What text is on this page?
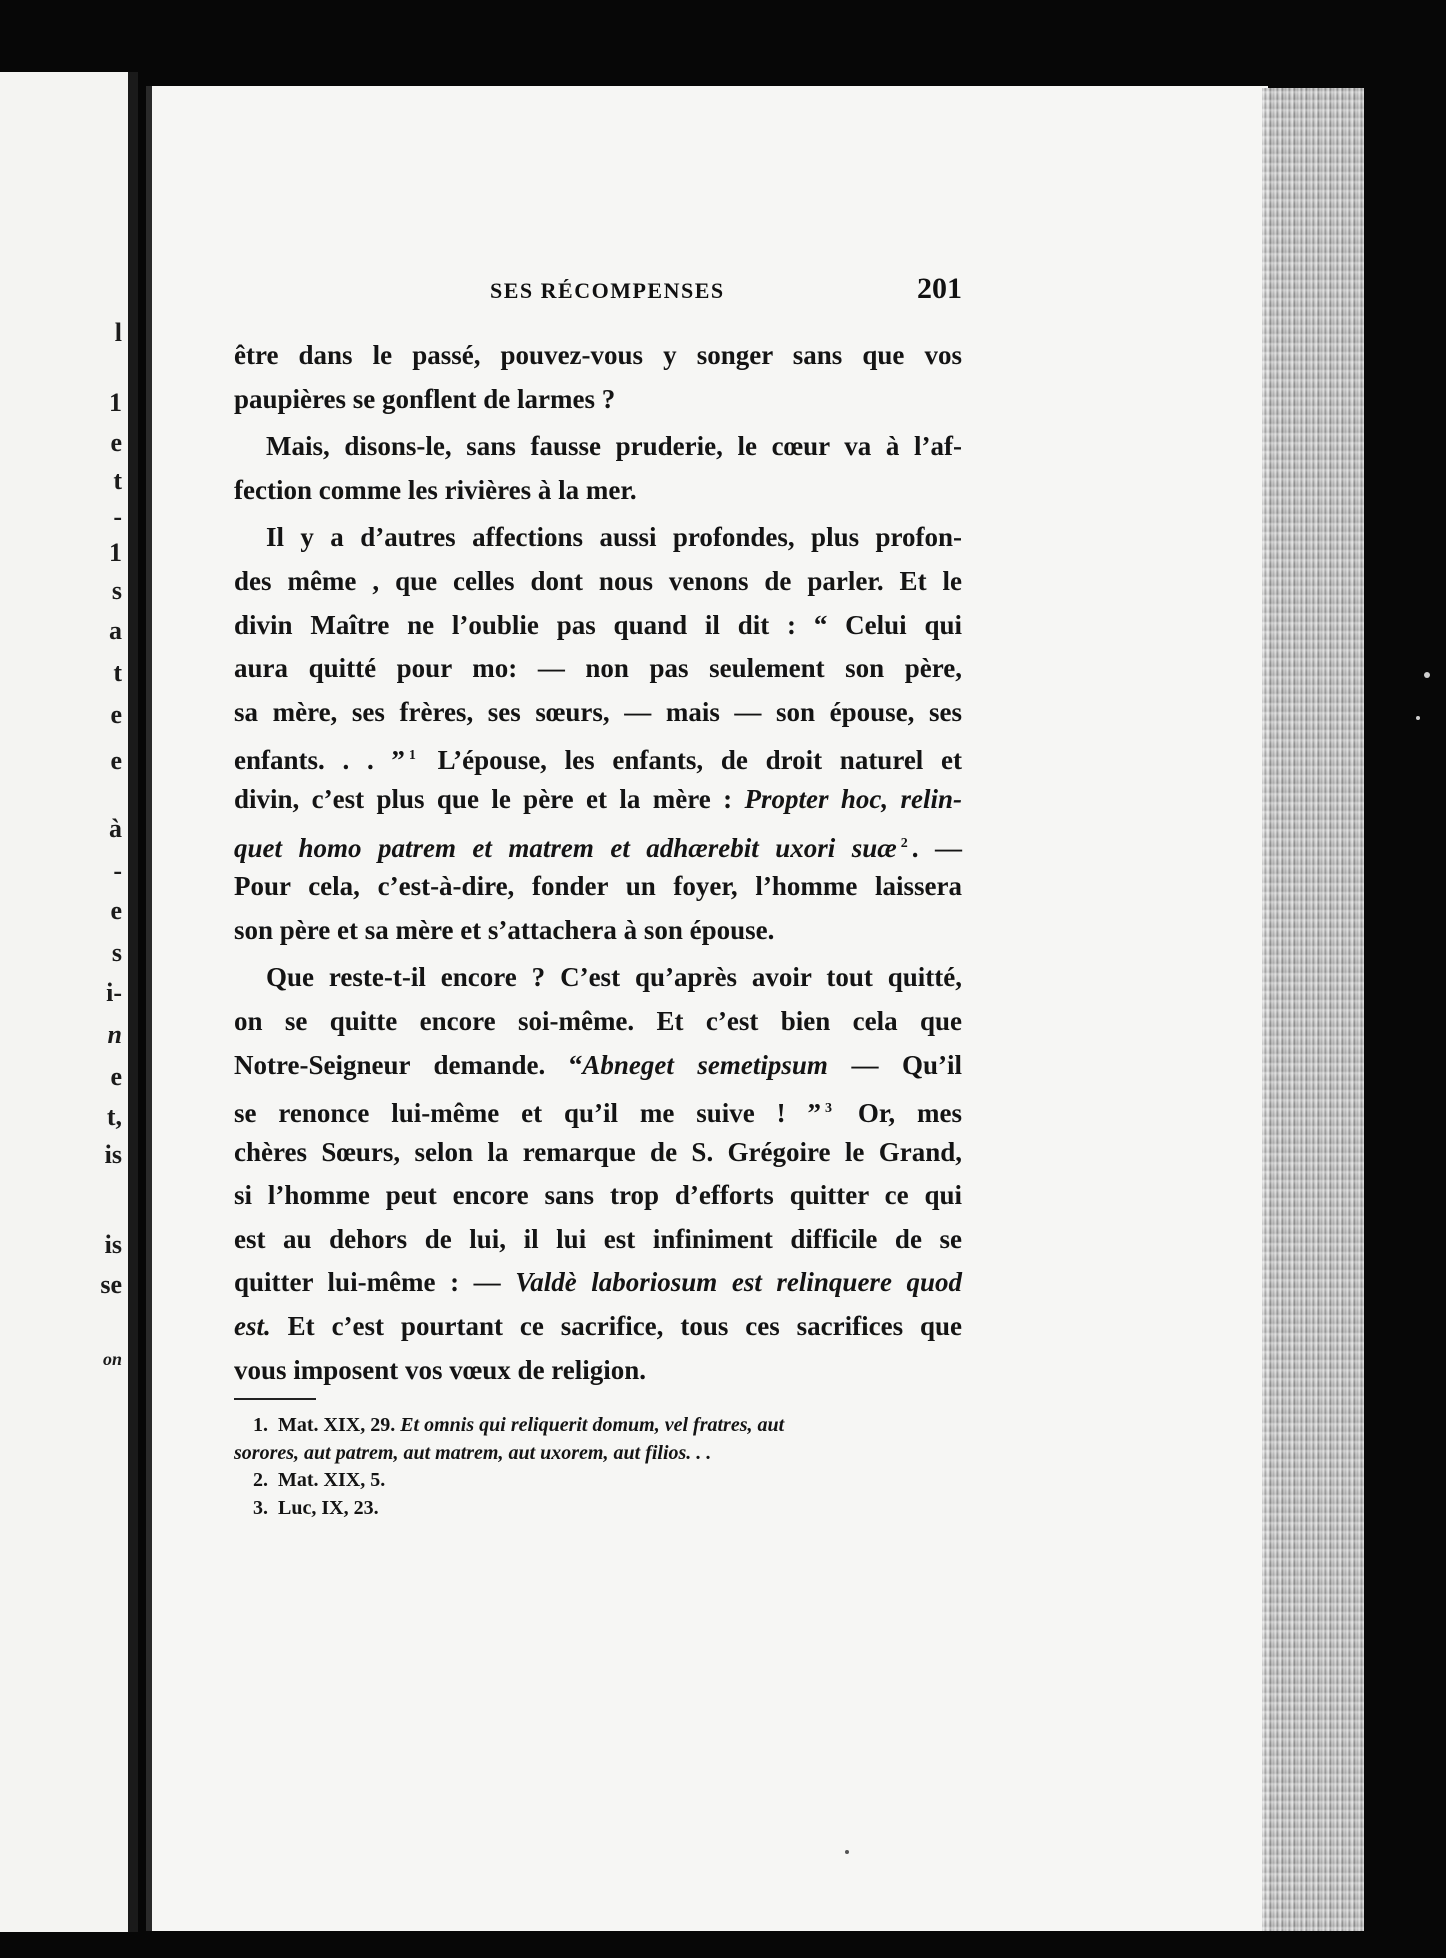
l
1
e
t
-
1
s
a
t
e
e
à
-
e
s
i-
n
e
t,
is
is
se
on
SES RÉCOMPENSES	201
être dans le passé, pouvez-vous y songer sans que vos
paupières se gonflent de larmes ?
Mais, disons-le, sans fausse pruderie, le cœur va à l’af-
fection comme les rivières à la mer.
Il y a d’autres affections aussi profondes, plus profon-
des même , que celles dont nous venons de parler. Et le
divin Maître ne l’oublie pas quand il dit : “ Celui qui
aura quitté pour mo: — non pas seulement son père,
sa mère, ses frères, ses sœurs, — mais — son épouse, ses
enfants. . . ” $^1$ L’épouse, les enfants, de droit naturel et
divin, c’est plus que le père et la mère : Propter hoc, relin-
quet homo patrem et matrem et adhærebit uxori suæ $^2$ . —
Pour cela, c’est-à-dire, fonder un foyer, l’homme laissera
son père et sa mère et s’attachera à son épouse.
Que reste-t-il encore ? C’est qu’après avoir tout quitté,
on se quitte encore soi-même. Et c’est bien cela que
Notre-Seigneur demande. “Abneget semetipsum — Qu’il
se renonce lui-même et qu’il me suive ! ” $^3$ Or, mes
chères Sœurs, selon la remarque de S. Grégoire le Grand,
si l’homme peut encore sans trop d’efforts quitter ce qui
est au dehors de lui, il lui est infiniment difficile de se
quitter lui-même : — Valdè laboriosum est relinquere quod
est. Et c’est pourtant ce sacrifice, tous ces sacrifices que
vous imposent vos vœux de religion.
1. Mat. XIX, 29. Et omnis qui reliquerit domum, vel fratres, aut
sorores, aut patrem, aut matrem, aut uxorem, aut filios. . .
2. Mat. XIX, 5.
3. Luc, IX, 23.
